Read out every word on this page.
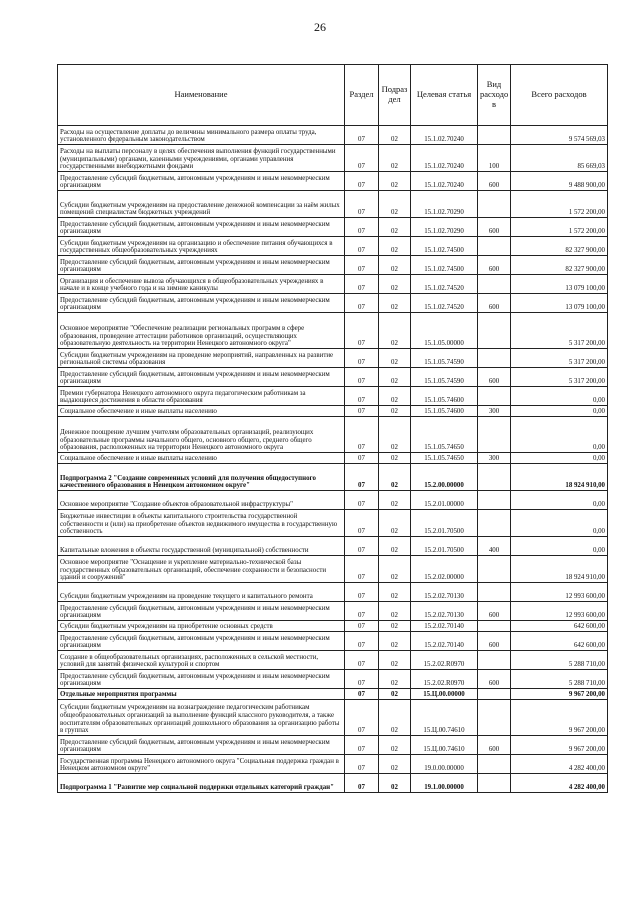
26
Наименование	Раздел	Подраз дел	Целевая статья	Вид расходо в	Всего расходов
Расходы на осуществление доплаты до величины минимального размера оплаты труда, установленного федеральным законодательством	07	02	15.1.02.70240		9 574 569,03
Расходы на выплаты персоналу в целях обеспечения выполнения функций государственными (муниципальными) органами, казенными учреждениями, органами управления государственными внебюджетными фондами	07	02	15.1.02.70240	100	85 669,03
Предоставление субсидий бюджетным, автономным учреждениям и иным некоммерческим организациям	07	02	15.1.02.70240	600	9 488 900,00
Субсидии бюджетным учреждениям на предоставление денежной компенсации за наём жилых помещений специалистам бюджетных учреждений	07	02	15.1.02.70290		1 572 200,00
Предоставление субсидий бюджетным, автономным учреждениям и иным некоммерческим организациям	07	02	15.1.02.70290	600	1 572 200,00
Субсидии бюджетным учреждениям на организацию и обеспечение питания обучающихся в государственных общеобразовательных учреждениях	07	02	15.1.02.74500		82 327 900,00
Предоставление субсидий бюджетным, автономным учреждениям и иным некоммерческим организациям	07	02	15.1.02.74500	600	82 327 900,00
Организация и обеспечение вывоза обучающихся в общеобразовательных учреждениях в начале и в конце учебного года и на зимние каникулы	07	02	15.1.02.74520		13 079 100,00
Предоставление субсидий бюджетным, автономным учреждениям и иным некоммерческим организациям	07	02	15.1.02.74520	600	13 079 100,00
Основное мероприятие "Обеспечение реализации региональных программ в сфере образования, проведение аттестации работников организаций, осуществляющих образовательную деятельность на территории Ненецкого автономного округа"	07	02	15.1.05.00000		5 317 200,00
Субсидии бюджетным учреждениям на проведение мероприятий, направленных на развитие региональной системы образования	07	02	15.1.05.74590		5 317 200,00
Предоставление субсидий бюджетным, автономным учреждениям и иным некоммерческим организациям	07	02	15.1.05.74590	600	5 317 200,00
Премии губернатора Ненецкого автономного округа педагогическим работникам за выдающиеся достижения в области образования	07	02	15.1.05.74600		0,00
Социальное обеспечение и иные выплаты населению	07	02	15.1.05.74600	300	0,00
Денежное поощрение лучшим учителям образовательных организаций, реализующих образовательные программы начального общего, основного общего, среднего общего образования, расположенных на территории Ненецкого автономного округа	07	02	15.1.05.74650		0,00
Социальное обеспечение и иные выплаты населению	07	02	15.1.05.74650	300	0,00
Подпрограмма 2 "Создание современных условий для получения общедоступного качественного образования в Ненецком автономном округе"	07	02	15.2.00.00000		18 924 910,00
Основное мероприятие "Создание объектов образовательной инфраструктуры"	07	02	15.2.01.00000		0,00
Бюджетные инвестиции в объекты капитального строительства государственной собственности и (или) на приобретение объектов недвижимого имущества в государственную собственность	07	02	15.2.01.70500		0,00
Капитальные вложения в объекты государственной (муниципальной) собственности	07	02	15.2.01.70500	400	0,00
Основное мероприятие "Оснащение и укрепление материально-технической базы государственных образовательных организаций, обеспечение сохранности и безопасности зданий и сооружений"	07	02	15.2.02.00000		18 924 910,00
Субсидии бюджетным учреждениям на проведение текущего и капитального ремонта	07	02	15.2.02.70130		12 993 600,00
Предоставление субсидий бюджетным, автономным учреждениям и иным некоммерческим организациям	07	02	15.2.02.70130	600	12 993 600,00
Субсидии бюджетным учреждениям на приобретение основных средств	07	02	15.2.02.70140		642 600,00
Предоставление субсидий бюджетным, автономным учреждениям и иным некоммерческим организациям	07	02	15.2.02.70140	600	642 600,00
Создание в общеобразовательных организациях, расположенных в сельской местности, условий для занятий физической культурой и спортом	07	02	15.2.02.R0970		5 288 710,00
Предоставление субсидий бюджетным, автономным учреждениям и иным некоммерческим организациям	07	02	15.2.02.R0970	600	5 288 710,00
Отдельные мероприятия программы	07	02	15.Ц.00.00000		9 967 200,00
Субсидии бюджетным учреждениям на вознаграждение педагогическим работникам общеобразовательных организаций за выполнение функций классного руководителя, а также воспитателям образовательных организаций дошкольного образования за организацию работы в группах	07	02	15.Ц.00.74610		9 967 200,00
Предоставление субсидий бюджетным, автономным учреждениям и иным некоммерческим организациям	07	02	15.Ц.00.74610	600	9 967 200,00
Государственная программа Ненецкого автономного округа "Социальная поддержка граждан в Ненецком автономном округе"	07	02	19.0.00.00000		4 282 400,00
Подпрограмма 1 "Развитие мер социальной поддержки отдельных категорий граждан"	07	02	19.1.00.00000		4 282 400,00
